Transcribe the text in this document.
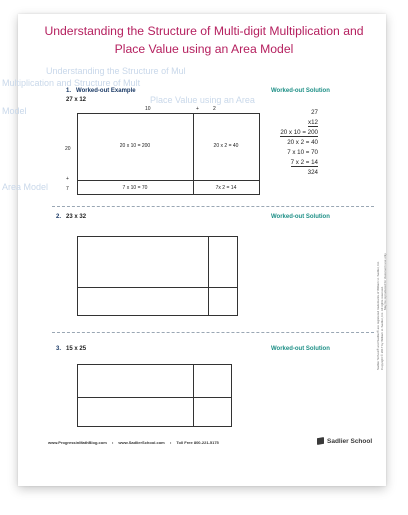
Understanding the Structure of Mul
Multiplication and Structure of Mult
Place Value using an Area
Model
Area Model
Understanding the Structure of Multi-digit Multiplication and
Place Value using an Area Model
1. Worked-out Example
27 x 12
Worked-out Solution
10	+	2
20
+
7
20 x 10 = 200	20 x 2 = 40
7 x 10 = 70	7x 2 = 14
27
x12
20 x 10 = 200
20 x 2 = 40
7 x 10 = 70
7 x 2 = 14
324
2. 23 x 32	Worked-out Solution
3. 15 x 25	Worked-out Solution	Sadlier School® and Sadlier® are registered trademarks of William H. Sadlier, Inc. Copyright © 2017 by William H. Sadlier, Inc. All rights reserved.
May be reproduced for classroom use only.
www.ProgressinMathBlog.com • www.SadlierSchool.com • Toll Free 800-221-5175	Sadlier School
